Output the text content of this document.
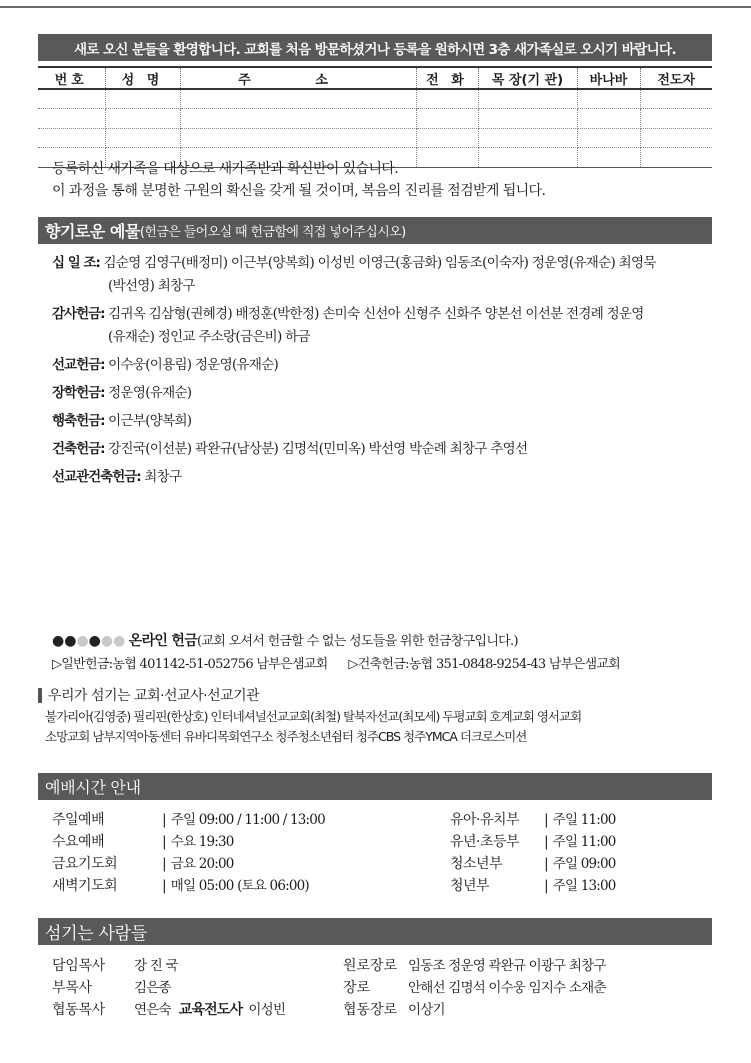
새로 오신 분들을 환영합니다. 교회를 처음 방문하셨거나 등록을 원하시면 3층 새가족실로 오시기 바랍니다.
번호	성 명	주 소	전 화	목 장(기 관)	바나바	전도자

등록하신 새가족을 대상으로 새가족반과 확신반이 있습니다.
이 과정을 통해 분명한 구원의 확신을 갖게 될 것이며, 복음의 진리를 점검받게 됩니다.
향기로운 예물 (헌금은 들어오실 때 헌금함에 직접 넣어주십시오)
십 일 조: 김순영 김영구(배정미) 이근부(양복희) 이성빈 이영근(홍금화) 임동조(이숙자) 정운영(유재순) 최영묵
(박선영) 최창구
감사헌금: 김귀옥 김삼형(권혜경) 배정훈(박한정) 손미숙 신선아 신형주 신화주 양본선 이선분 전경례 정운영
(유재순) 정인교 주소랑(금은비) 하금
선교헌금: 이수웅(이용림) 정운영(유재순)
장학헌금: 정운영(유재순)
행축헌금: 이근부(양복희)
건축헌금: 강진국(이선분) 곽완규(남상분) 김명석(민미옥) 박선영 박순례 최창구 추영선
선교관건축헌금: 최창구
●●●●●● 온라인 헌금(교회 오셔서 헌금할 수 없는 성도들을 위한 헌금창구입니다.)
▷일반헌금:농협 401142-51-052756 남부은샘교회 ▷건축헌금:농협 351-0848-9254-43 남부은샘교회
우리가 섬기는 교회·선교사·선교기관
불가리아(김영중) 필리핀(한상호) 인터네셔널선교교회(최철) 탈북자선교(최모세) 두평교회 호계교회 영서교회
소망교회 남부지역아동센터 유바디목회연구소 청주청소년쉼터 청주CBS 청주YMCA 더크로스미션
예배시간 안내
주일예배	| 주일 09:00 / 11:00 / 13:00	유아·유치부	| 주일 11:00
수요예배	| 수요 19:30	유년·초등부	| 주일 11:00
금요기도회	| 금요 20:00	청소년부	| 주일 09:00
새벽기도회	| 매일 05:00 (토요 06:00)	청년부	| 주일 13:00
섬기는 사람들
담임목사	강 진 국	원로장로 임동조 정운영 곽완규 이광구 최창구
부목사	김은종	장로	안해선 김명석 이수웅 임지수 소재춘
협동목사	연은숙 교육전도사 이성빈	협동장로 이상기
